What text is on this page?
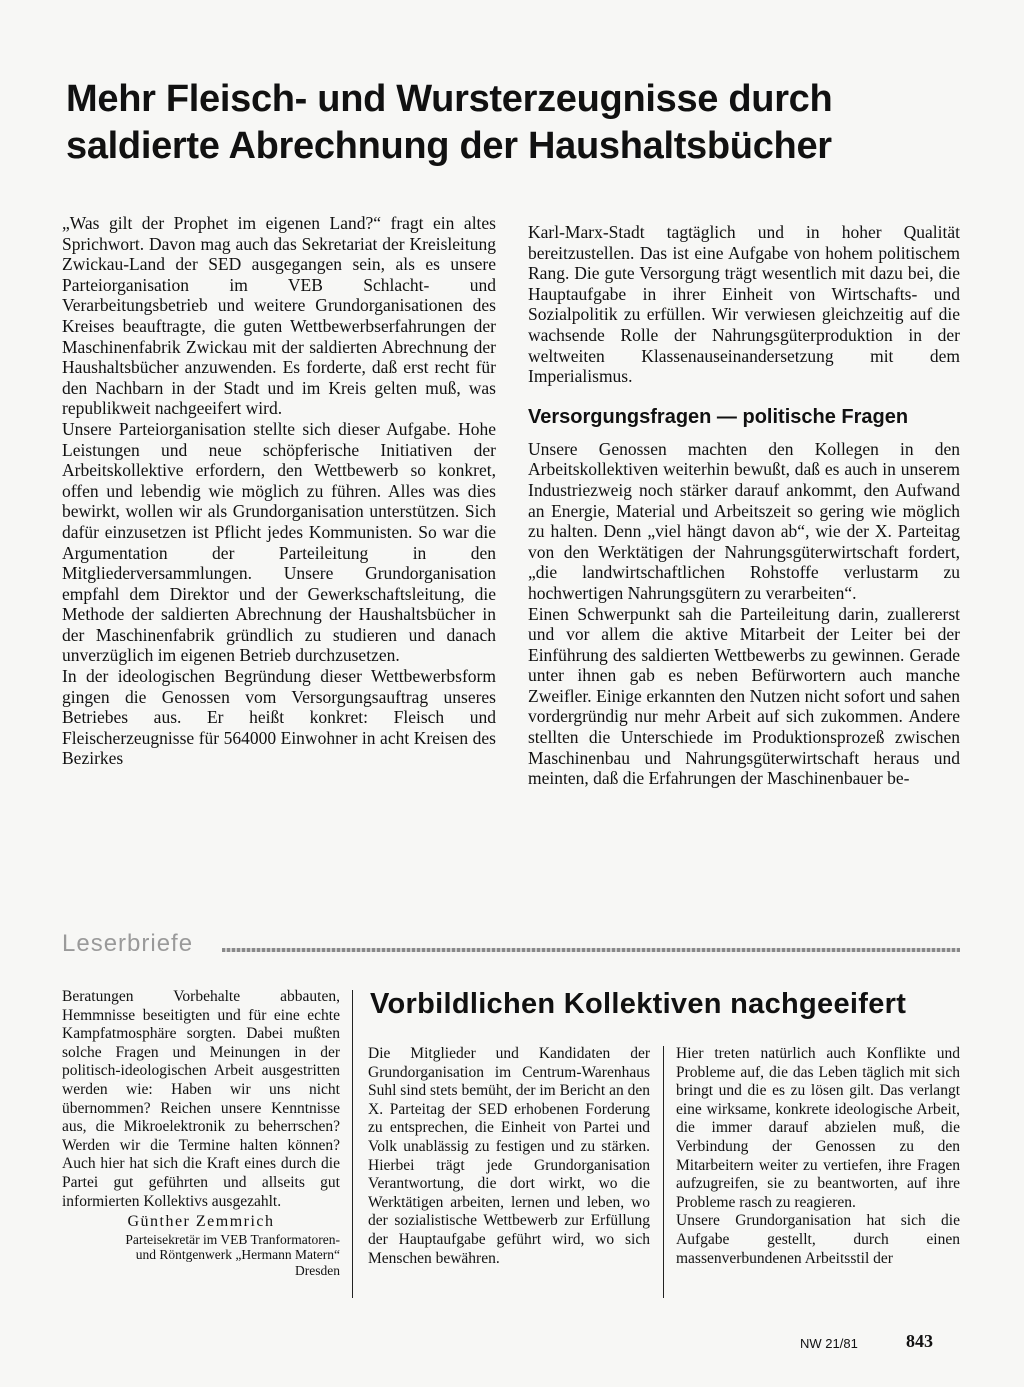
Mehr Fleisch- und Wursterzeugnisse durch saldierte Abrechnung der Haushaltsbücher

„Was gilt der Prophet im eigenen Land?“ fragt ein altes Sprichwort. Davon mag auch das Sekretariat der Kreisleitung Zwickau-Land der SED ausgegangen sein, als es unsere Parteiorganisation im VEB Schlacht- und Verarbeitungsbetrieb und weitere Grundorganisationen des Kreises beauftragte, die guten Wettbewerbserfahrungen der Maschinenfabrik Zwickau mit der saldierten Abrechnung der Haushaltsbücher anzuwenden. Es forderte, daß erst recht für den Nachbarn in der Stadt und im Kreis gelten muß, was republikweit nachgeeifert wird.

Unsere Parteiorganisation stellte sich dieser Aufgabe. Hohe Leistungen und neue schöpferische Initiativen der Arbeitskollektive erfordern, den Wettbewerb so konkret, offen und lebendig wie möglich zu führen. Alles was dies bewirkt, wollen wir als Grundorganisation unterstützen. Sich dafür einzusetzen ist Pflicht jedes Kommunisten. So war die Argumentation der Parteileitung in den Mitgliederversammlungen. Unsere Grundorganisation empfahl dem Direktor und der Gewerkschaftsleitung, die Methode der saldierten Abrechnung der Haushaltsbücher in der Maschinenfabrik gründlich zu studieren und danach unverzüglich im eigenen Betrieb durchzusetzen.

In der ideologischen Begründung dieser Wettbewerbsform gingen die Genossen vom Versorgungsauftrag unseres Betriebes aus. Er heißt konkret: Fleisch und Fleischerzeugnisse für 564000 Einwohner in acht Kreisen des Bezirkes

Karl-Marx-Stadt tagtäglich und in hoher Qualität bereitzustellen. Das ist eine Aufgabe von hohem politischem Rang. Die gute Versorgung trägt wesentlich mit dazu bei, die Hauptaufgabe in ihrer Einheit von Wirtschafts- und Sozialpolitik zu erfüllen. Wir verwiesen gleichzeitig auf die wachsende Rolle der Nahrungsgüterproduktion in der weltweiten Klassenauseinandersetzung mit dem Imperialismus.

Versorgungsfragen — politische Fragen

Unsere Genossen machten den Kollegen in den Arbeitskollektiven weiterhin bewußt, daß es auch in unserem Industriezweig noch stärker darauf ankommt, den Aufwand an Energie, Material und Arbeitszeit so gering wie möglich zu halten. Denn „viel hängt davon ab“, wie der X. Parteitag von den Werktätigen der Nahrungsgüterwirtschaft fordert, „die landwirtschaftlichen Rohstoffe verlustarm zu hochwertigen Nahrungsgütern zu verarbeiten“.

Einen Schwerpunkt sah die Parteileitung darin, zuallererst und vor allem die aktive Mitarbeit der Leiter bei der Einführung des saldierten Wettbewerbs zu gewinnen. Gerade unter ihnen gab es neben Befürwortern auch manche Zweifler. Einige erkannten den Nutzen nicht sofort und sahen vordergründig nur mehr Arbeit auf sich zukommen. Andere stellten die Unterschiede im Produktionsprozeß zwischen Maschinenbau und Nahrungsgüterwirtschaft heraus und meinten, daß die Erfahrungen der Maschinenbauer be-

Leserbriefe

Beratungen Vorbehalte abbauten, Hemmnisse beseitigten und für eine echte Kampfatmosphäre sorgten. Dabei mußten solche Fragen und Meinungen in der politisch-ideologischen Arbeit ausgestritten werden wie: Haben wir uns nicht übernommen? Reichen unsere Kenntnisse aus, die Mikroelektronik zu beherrschen? Werden wir die Termine halten können? Auch hier hat sich die Kraft eines durch die Partei gut geführten und allseits gut informierten Kollektivs ausgezahlt.

Günther Zemmrich

Parteisekretär im VEB Tranformatoren-

und Röntgenwerk „Hermann Matern“

Dresden

Vorbildlichen Kollektiven nachgeeifert

Die Mitglieder und Kandidaten der Grundorganisation im Centrum-Warenhaus Suhl sind stets bemüht, der im Bericht an den X. Parteitag der SED erhobenen Forderung zu entsprechen, die Einheit von Partei und Volk unablässig zu festigen und zu stärken. Hierbei trägt jede Grundorganisation Verantwortung, die dort wirkt, wo die Werktätigen arbeiten, lernen und leben, wo der sozialistische Wettbewerb zur Erfüllung der Hauptaufgabe geführt wird, wo sich Menschen bewähren.

Hier treten natürlich auch Konflikte und Probleme auf, die das Leben täglich mit sich bringt und die es zu lösen gilt. Das verlangt eine wirksame, konkrete ideologische Arbeit, die immer darauf abzielen muß, die Verbindung der Genossen zu den Mitarbeitern weiter zu vertiefen, ihre Fragen aufzugreifen, sie zu beantworten, auf ihre Probleme rasch zu reagieren.

Unsere Grundorganisation hat sich die Aufgabe gestellt, durch einen massenverbundenen Arbeitsstil der

NW 21/81	843
